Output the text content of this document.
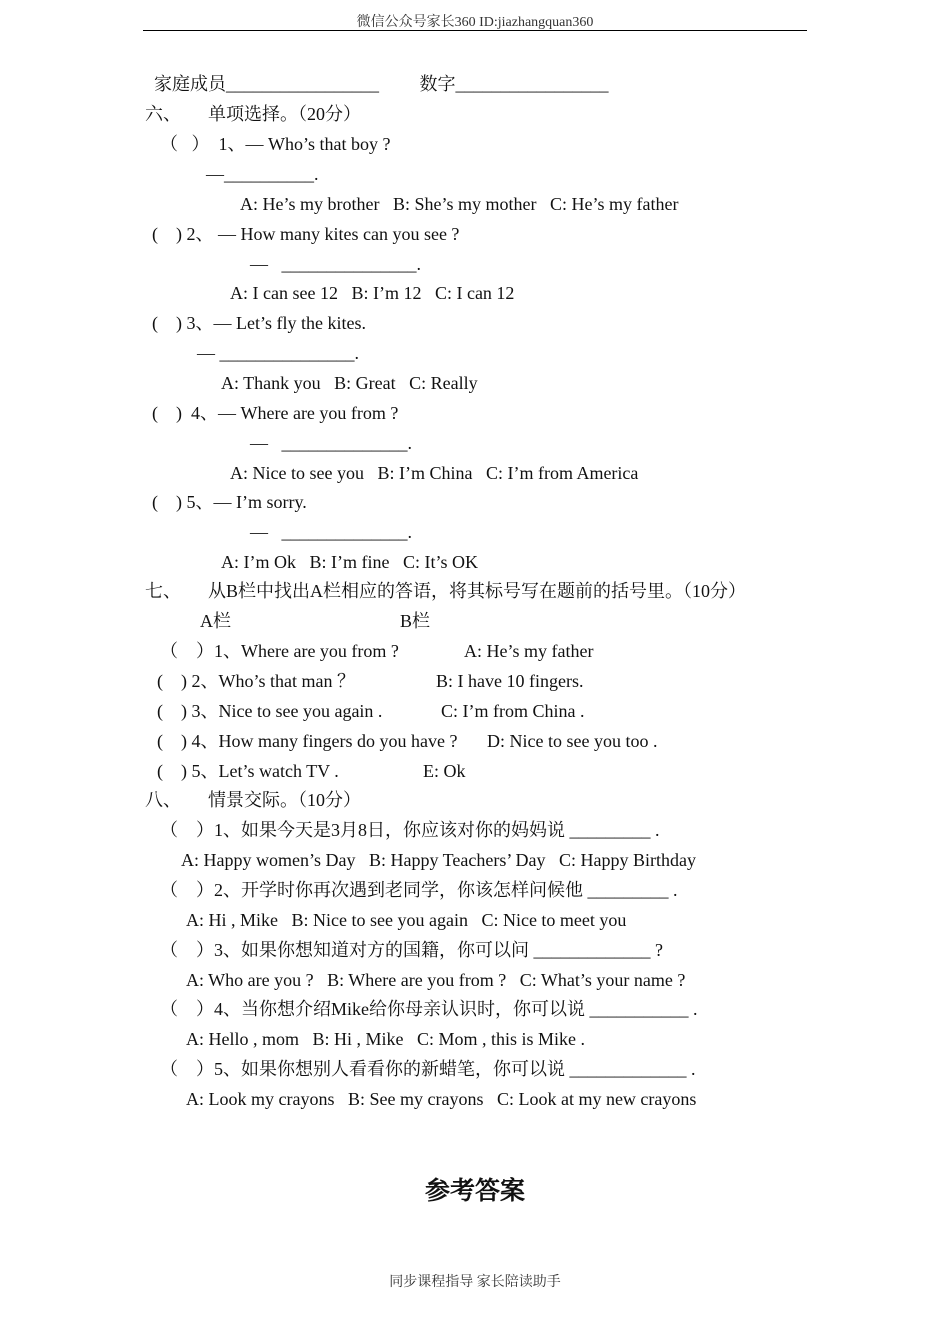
微信公众号家长360 ID:jiazhangquan360
家庭成员_________________         数字_________________
六、      单项选择。（20分）
（   ）  1、— Who’s that boy ?
—__________.
A: He’s my brother   B: She’s my mother   C: He’s my father
(    ) 2、 — How many kites can you see ?
—   _______________.
A: I can see 12   B: I’m 12   C: I can 12
(    ) 3、— Let’s fly the kites.
— _______________.
A: Thank you   B: Great   C: Really
(    )  4、— Where are you from ?
—   ______________.
A: Nice to see you   B: I’m China   C: I’m from America
(    ) 5、— I’m sorry.
—   ______________.
A: I’m Ok   B: I’m fine   C: It’s OK
七、      从B栏中找出A栏相应的答语，将其标号写在题前的括号里。（10分）
A栏	B栏
（    ）1、Where are you from ?	A: He’s my father
(    ) 2、Who’s that man ？	B: I have 10 fingers.
(    ) 3、Nice to see you again .	C: I’m from China .
(    ) 4、How many fingers do you have ? D: Nice to see you too .
(    ) 5、Let’s watch TV .	E: Ok
八、      情景交际。（10分）
（    ）1、如果今天是3月8日，你应该对你的妈妈说 _________ .
A: Happy women’s Day   B: Happy Teachers’ Day   C: Happy Birthday
（    ）2、开学时你再次遇到老同学，你该怎样问候他 _________ .
A: Hi , Mike   B: Nice to see you again   C: Nice to meet you
（    ）3、如果你想知道对方的国籍，你可以问 _____________ ?
A: Who are you ?   B: Where are you from ?   C: What’s your name ?
（    ）4、当你想介绍Mike给你母亲认识时，你可以说 ___________ .
A: Hello , mom   B: Hi , Mike   C: Mom , this is Mike .
（    ）5、如果你想别人看看你的新蜡笔，你可以说 _____________ .
A: Look my crayons   B: See my crayons   C: Look at my new crayons
参考答案
同步课程指导 家长陪读助手
